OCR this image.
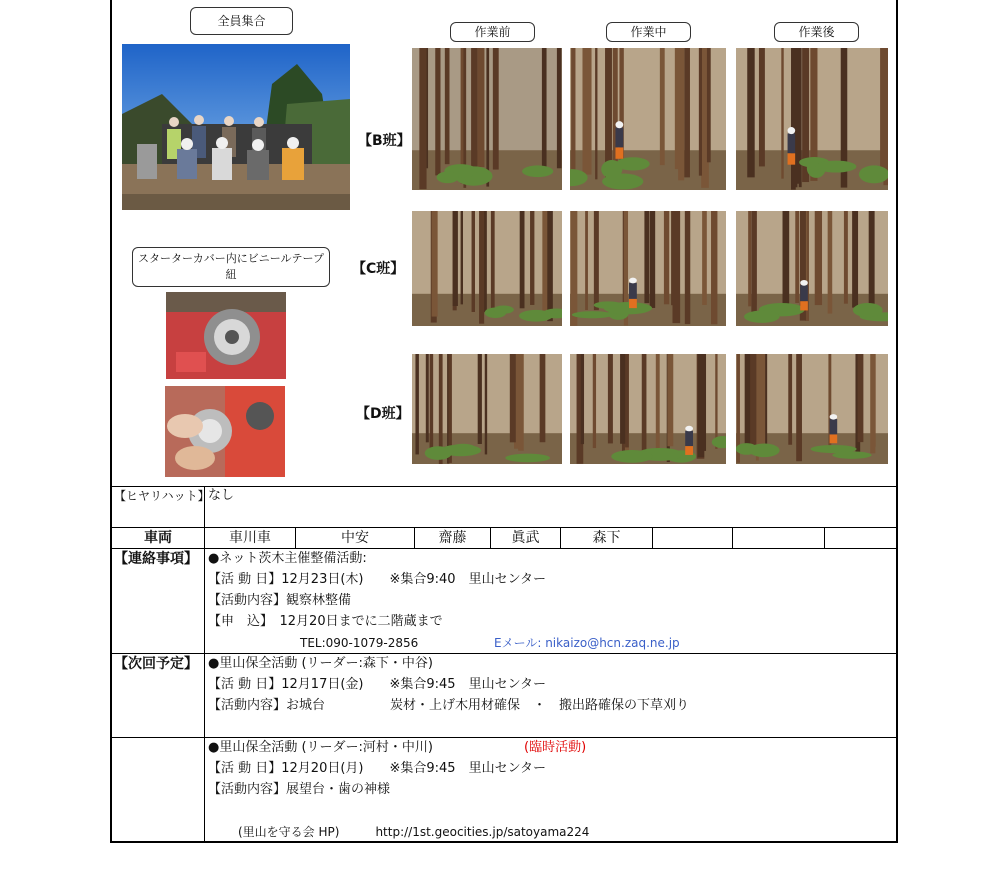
全員集合
作業前	作業中	作業後
スターターカバー内にビニールテープ
紐
【B班】
【C班】
【D班】
【ヒヤリハット】
なし
車両	車川車	中安	齋藤	眞武	森下
【連絡事項】 ●ネット茨木主催整備活動:
【活 動 日】12月23日(木)　　※集合9:40　里山センター
【活動内容】観察林整備
【申　込】　12月20日までに二階蔵まで
TEL:090-1079-2856	Eメール: nikaizo@hcn.zaq.ne.jp
【次回予定】 ●里山保全活動 (リーダー:森下・中谷)
【活 動 日】12月17日(金)　　※集合9:45　里山センター
【活動内容】お城台　　　　　炭材・上げ木用材確保　・　搬出路確保の下草刈り
●里山保全活動 (リーダー:河村・中川)	(臨時活動)
【活 動 日】12月20日(月)　　※集合9:45　里山センター
【活動内容】展望台・歯の神様
(里山を守る会 HP)　　　http://1st.geocities.jp/satoyama224
